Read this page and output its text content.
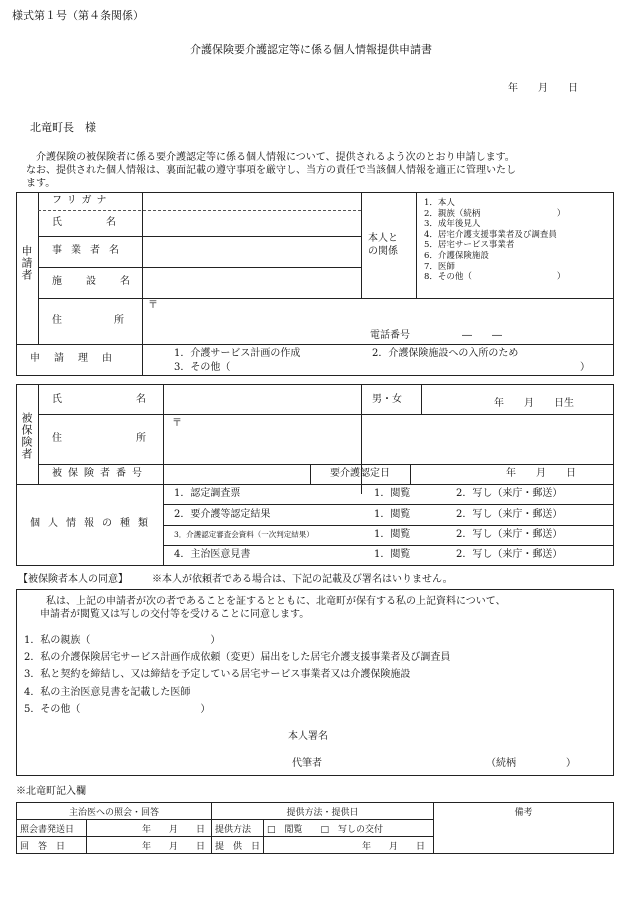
様式第１号（第４条関係）
介護保険要介護認定等に係る個人情報提供申請書
年　　月　　日
北竜町長　様
介護保険の被保険者に係る要介護認定等に係る個人情報について、提供されるよう次のとおり申請します。
なお、提供された個人情報は、裏面記載の遵守事項を厳守し、当方の責任で当該個人情報を適正に管理いたし
ます。
申請者
フリガナ
氏名
事業者名
施設名
住所
〒
電話番号	―　　―
本人と
の関係
1．本人
2．親族（続柄　　　　　　　　　）
3．成年後見人
4．居宅介護支援事業者及び調査員
5．居宅サービス事業者
6．介護保険施設
7．医師
8．その他（　　　　　　　　　　）
申請理由	1．介護サービス計画の作成	2．介護保険施設への入所のため
3．その他（	）
被保険者
氏名	男・女	年　　月　　日生
住所
〒
被保険者番号	要介護認定日	年　　月　　日
個人情報の種類
1．認定調査票	1．閲覧	2．写し（来庁・郵送）
2．要介護等認定結果	1．閲覧	2．写し（来庁・郵送）
3．介護認定審査会資料（一次判定結果）	1．閲覧	2．写し（来庁・郵送）
4．主治医意見書	1．閲覧	2．写し（来庁・郵送）
【被保険者本人の同意】 ※本人が依頼者である場合は、下記の記載及び署名はいりません。
私は、上記の申請者が次の者であることを証するとともに、北竜町が保有する私の上記資料について、
申請者が閲覧又は写しの交付等を受けることに同意します。
1．私の親族（　　　　　　　　　　　　）
2．私の介護保険居宅サービス計画作成依頼（変更）届出をした居宅介護支援事業者及び調査員
3．私と契約を締結し、又は締結を予定している居宅サービス事業者又は介護保険施設
4．私の主治医意見書を記載した医師
5．その他（　　　　　　　　　　　　）
本人署名
代筆者	（続柄　　　　　）
※北竜町記入欄
主治医への照会・回答		提供方法・提供日		備考
照会書発送日	年　　月　　日	提供方法	□　閲覧　　□　写しの交付	
回　答　日	年　　月　　日	提　供　日	年　　月　　日	
